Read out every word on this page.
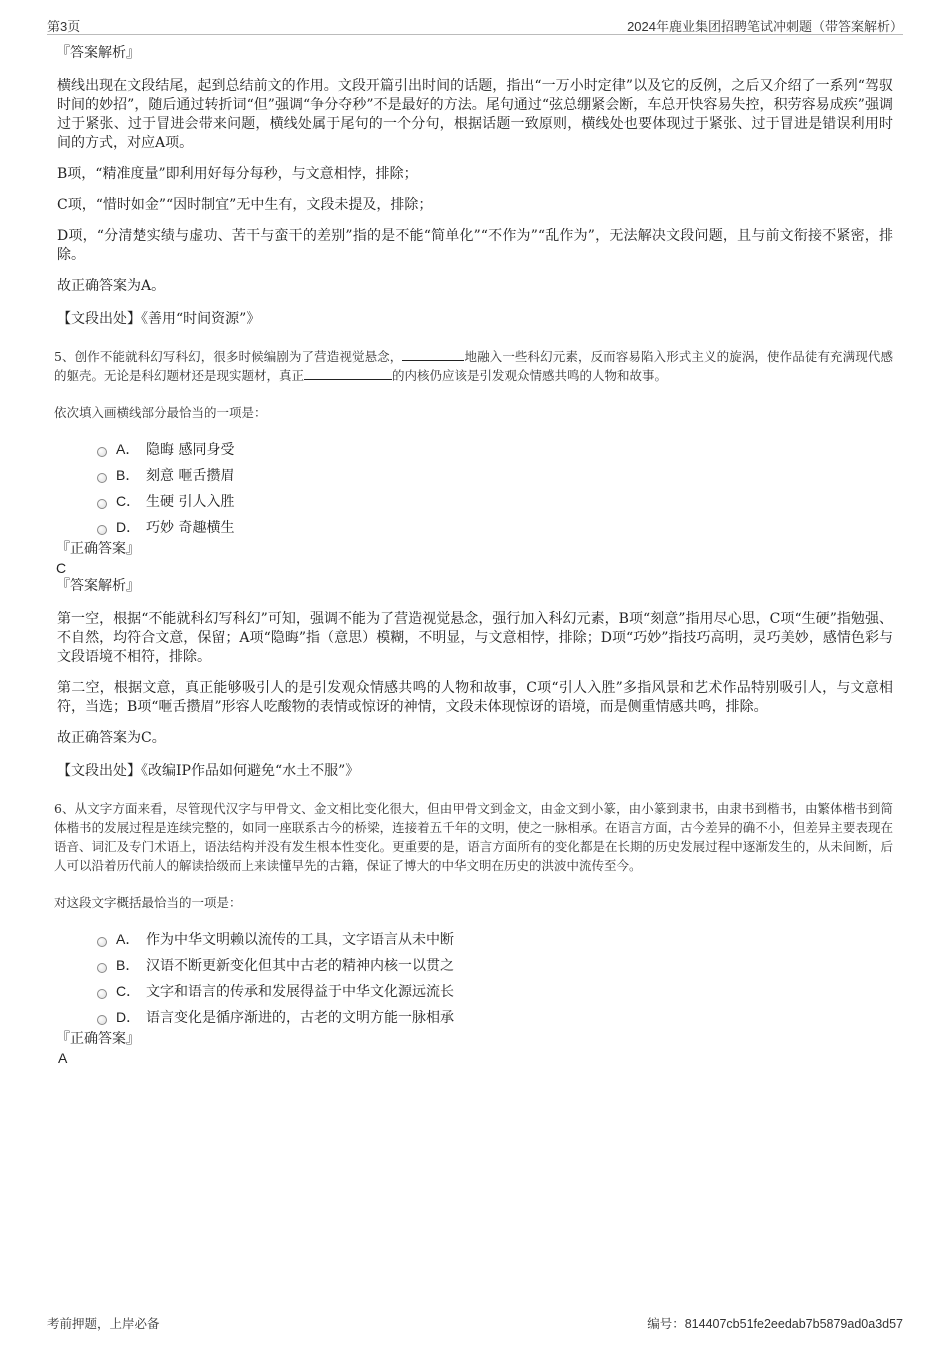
第3页	2024年鹿业集团招聘笔试冲刺题（带答案解析）
『答案解析』

横线出现在文段结尾，起到总结前文的作用。文段开篇引出时间的话题，指出“一万小时定律”以及它的反例，之后又介绍了一系列“驾驭时间的妙招”，随后通过转折词“但”强调“争分夺秒”不是最好的方法。尾句通过“弦总绷紧会断，车总开快容易失控，积劳容易成疾”强调过于紧张、过于冒进会带来问题，横线处属于尾句的一个分句，根据话题一致原则，横线处也要体现过于紧张、过于冒进是错误利用时间的方式，对应A项。

B项，“精准度量”即利用好每分每秒，与文意相悖，排除；

C项，“惜时如金”“因时制宜”无中生有，文段未提及，排除；

D项，“分清楚实绩与虚功、苦干与蛮干的差别”指的是不能“简单化”“不作为”“乱作为”，无法解决文段问题，且与前文衔接不紧密，排除。

故正确答案为A。

【文段出处】《善用“时间资源”》

5、创作不能就科幻写科幻，很多时候编剧为了营造视觉悬念，	地融入一些科幻元素，反而容易陷入形式主义的旋涡，使作品徒有充满现代感的躯壳。无论是科幻题材还是现实题材，真正	的内核仍应该是引发观众情感共鸣的人物和故事。

依次填入画横线部分最恰当的一项是：

A． 隐晦 感同身受
B． 刻意 咂舌攒眉
C． 生硬 引人入胜
D． 巧妙 奇趣横生
『正确答案』
C
『答案解析』

第一空，根据“不能就科幻写科幻”可知，强调不能为了营造视觉悬念，强行加入科幻元素，B项“刻意”指用尽心思，C项“生硬”指勉强、不自然，均符合文意，保留；A项“隐晦”指（意思）模糊，不明显，与文意相悖，排除；D项“巧妙”指技巧高明，灵巧美妙，感情色彩与文段语境不相符，排除。

第二空，根据文意，真正能够吸引人的是引发观众情感共鸣的人物和故事，C项“引人入胜”多指风景和艺术作品特别吸引人，与文意相符，当选；B项“咂舌攒眉”形容人吃酸物的表情或惊讶的神情，文段未体现惊讶的语境，而是侧重情感共鸣，排除。

故正确答案为C。

【文段出处】《改编IP作品如何避免“水土不服”》

6、从文字方面来看，尽管现代汉字与甲骨文、金文相比变化很大，但由甲骨文到金文，由金文到小篆，由小篆到隶书，由隶书到楷书，由繁体楷书到简体楷书的发展过程是连续完整的，如同一座联系古今的桥梁，连接着五千年的文明，使之一脉相承。在语言方面，古今差异的确不小，但差异主要表现在语音、词汇及专门术语上，语法结构并没有发生根本性变化。更重要的是，语言方面所有的变化都是在长期的历史发展过程中逐渐发生的，从未间断，后人可以沿着历代前人的解读拾级而上来读懂早先的古籍，保证了博大的中华文明在历史的洪波中流传至今。

对这段文字概括最恰当的一项是：

A． 作为中华文明赖以流传的工具，文字语言从未中断
B． 汉语不断更新变化但其中古老的精神内核一以贯之
C． 文字和语言的传承和发展得益于中华文化源远流长
D． 语言变化是循序渐进的，古老的文明方能一脉相承
『正确答案』
A
考前押题，上岸必备	编号：814407cb51fe2eedab7b5879ad0a3d57
